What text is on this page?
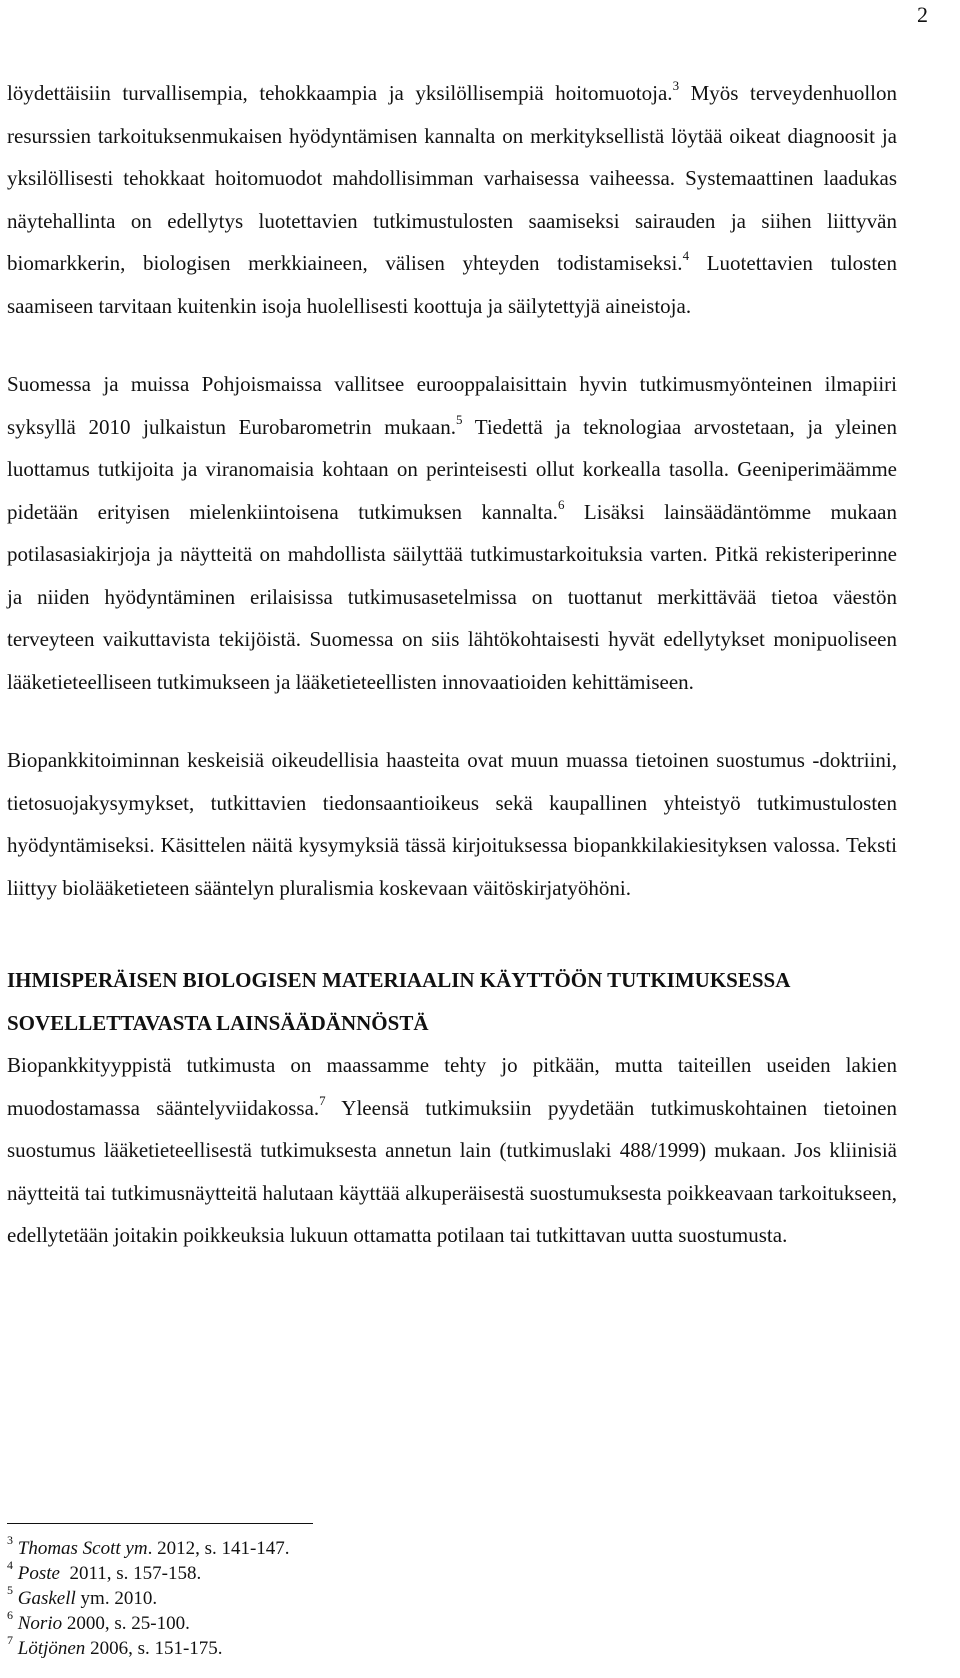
2

löydettäisiin turvallisempia, tehokkaampia ja yksilöllisempiä hoitomuotoja.$^3$ Myös terveydenhuollon resurssien tarkoituksenmukaisen hyödyntämisen kannalta on merkityksellistä löytää oikeat diagnoosit ja yksilöllisesti tehokkaat hoitomuodot mahdollisimman varhaisessa vaiheessa. Systemaattinen laadukas näytehallinta on edellytys luotettavien tutkimustulosten saamiseksi sairauden ja siihen liittyvän biomarkkerin, biologisen merkkiaineen, välisen yhteyden todistamiseksi.$^4$ Luotettavien tulosten saamiseen tarvitaan kuitenkin isoja huolellisesti koottuja ja säilytettyjä aineistoja.

Suomessa ja muissa Pohjoismaissa vallitsee eurooppalaisittain hyvin tutkimusmyönteinen ilmapiiri syksyllä 2010 julkaistun Eurobarometrin mukaan.$^5$ Tiedettä ja teknologiaa arvostetaan, ja yleinen luottamus tutkijoita ja viranomaisia kohtaan on perinteisesti ollut korkealla tasolla. Geeniperimäämme pidetään erityisen mielenkiintoisena tutkimuksen kannalta.$^6$ Lisäksi lainsäädäntömme mukaan potilasasiakirjoja ja näytteitä on mahdollista säilyttää tutkimustarkoituksia varten. Pitkä rekisteriperinne ja niiden hyödyntäminen erilaisissa tutkimusasetelmissa on tuottanut merkittävää tietoa väestön terveyteen vaikuttavista tekijöistä. Suomessa on siis lähtökohtaisesti hyvät edellytykset monipuoliseen lääketieteelliseen tutkimukseen ja lääketieteellisten innovaatioiden kehittämiseen.

Biopankkitoiminnan keskeisiä oikeudellisia haasteita ovat muun muassa tietoinen suostumus -doktriini, tietosuojakysymykset, tutkittavien tiedonsaantioikeus sekä kaupallinen yhteistyö tutkimustulosten hyödyntämiseksi. Käsittelen näitä kysymyksiä tässä kirjoituksessa biopankkilakiesityksen valossa. Teksti liittyy biolääketieteen sääntelyn pluralismia koskevaan väitöskirjatyöhöni.

IHMISPERÄISEN BIOLOGISEN MATERIAALIN KÄYTTÖÖN TUTKIMUKSESSA
SOVELLETTAVASTA LAINSÄÄDÄNNÖSTÄ

Biopankkityyppistä tutkimusta on maassamme tehty jo pitkään, mutta taiteillen useiden lakien muodostamassa sääntelyviidakossa.$^7$ Yleensä tutkimuksiin pyydetään tutkimuskohtainen tietoinen suostumus lääketieteellisestä tutkimuksesta annetun lain (tutkimuslaki 488/1999) mukaan. Jos kliinisiä näytteitä tai tutkimusnäytteitä halutaan käyttää alkuperäisestä suostumuksesta poikkeavaan tarkoitukseen, edellytetään joitakin poikkeuksia lukuun ottamatta potilaan tai tutkittavan uutta suostumusta.

$^3$ Thomas Scott ym. 2012, s. 141-147.

$^4$ Poste  2011, s. 157-158.

$^5$ Gaskell ym. 2010.

$^6$ Norio 2000, s. 25-100.

$^7$ Lötjönen 2006, s. 151-175.
